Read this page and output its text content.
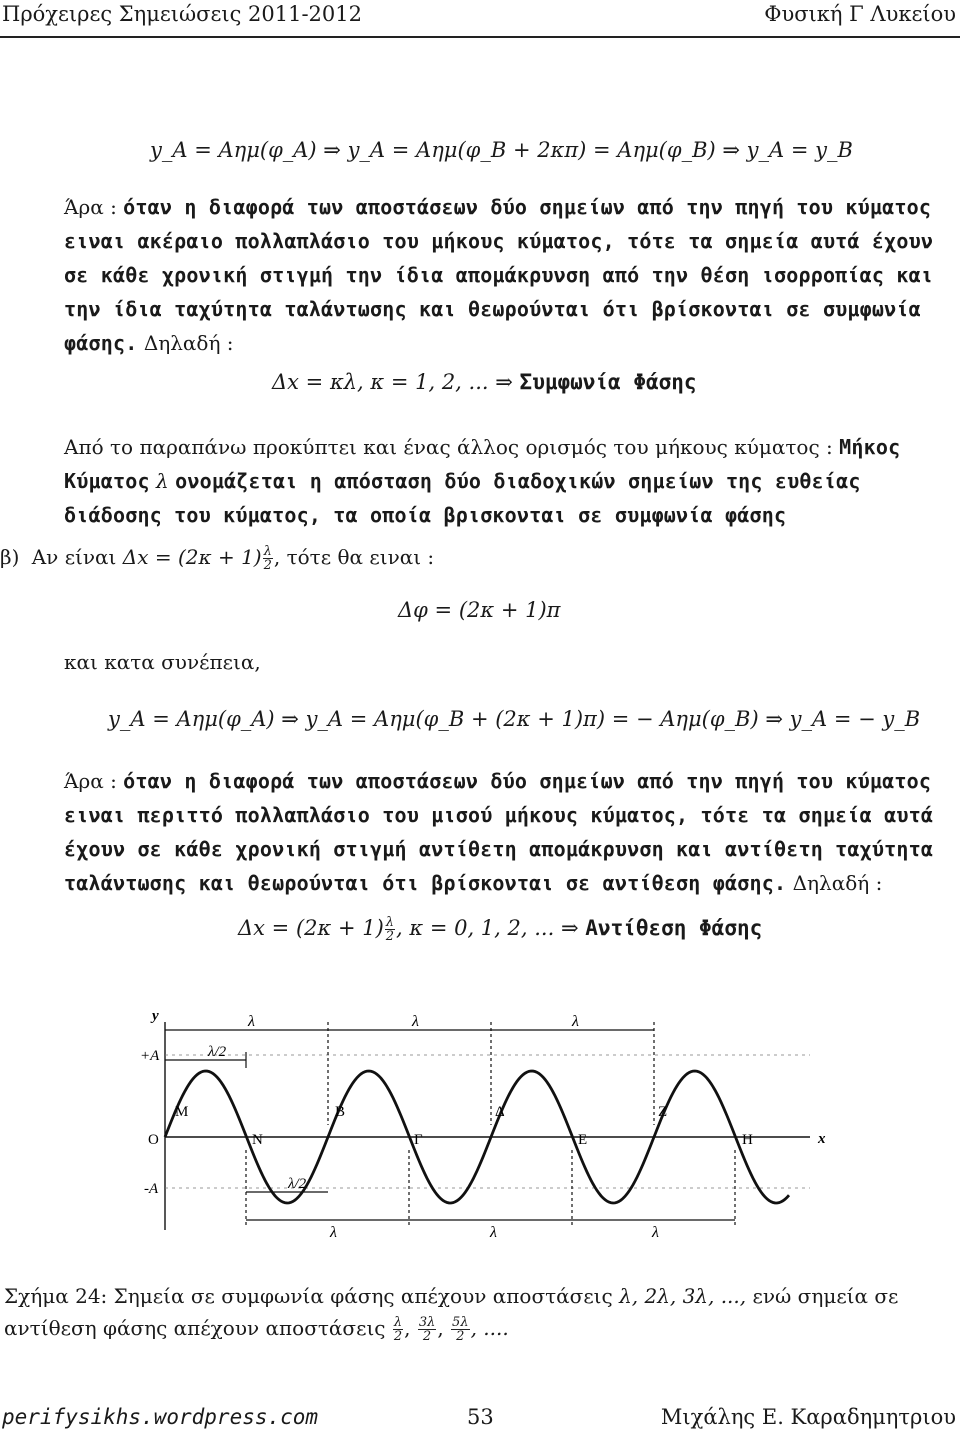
Πρόχειρες Σημειώσεις 2011-2012	Φυσική Γ Λυκείου
y_A = Αημ(φ_A) ⇒ y_A = Αημ(φ_B + 2κπ) = Αημ(φ_B) ⇒ y_A = y_B
Άρα : όταν η διαφορά των αποστάσεων δύο σημείων από την πηγή του κύματος ειναι ακέραιο πολλαπλάσιο του μήκους κύματος, τότε τα σημεία αυτά έχουν σε κάθε χρονική στιγμή την ίδια απομάκρυνση από την θέση ισορροπίας και την ίδια ταχύτητα ταλάντωσης και θεωρούνται ότι βρίσκονται σε συμφωνία φάσης. Δηλαδή :
Δx = κλ, κ = 1, 2, ... ⇒ Συμφωνία Φάσης
Από το παραπάνω προκύπτει και ένας άλλος ορισμός του μήκους κύματος : Μήκος Κύματος λ ονομάζεται η απόσταση δύο διαδοχικών σημείων της ευθείας διάδοσης του κύματος, τα οποία βρισκονται σε συμφωνία φάσης
β) Αν είναι $\Delta x = (2\kappa + 1) \frac{\lambda}{2}$ , τότε θα ειναι :
Δφ = (2κ + 1)π
και κατα συνέπεια,
y_A = Αημ(φ_A) ⇒ y_A = Αημ(φ_B + (2κ + 1)π) = − Αημ(φ_B) ⇒ y_A = − y_B
Άρα : όταν η διαφορά των αποστάσεων δύο σημείων από την πηγή του κύματος ειναι περιττό πολλαπλάσιο του μισού μήκους κύματος, τότε τα σημεία αυτά έχουν σε κάθε χρονική στιγμή αντίθετη απομάκρυνση και αντίθετη ταχύτητα ταλάντωσης και θεωρούνται ότι βρίσκονται σε αντίθεση φάσης. Δηλαδή :
$\Delta x = (2\kappa + 1) \frac{\lambda}{2}$ , κ = 0, 1, 2, ... ⇒ Αντίθεση Φάσης
y
x
+A
-A
O
λ	λ	λ
λ/2
λ/2
λ	λ	λ
M	B	Δ	Z
N	Γ	E	H
Σχήμα 24: Σημεία σε συμφωνία φάσης απέχουν αποστάσεις λ, 2λ, 3λ, ..., ενώ σημεία σε αντίθεση φάσης απέχουν αποστάσεις $\frac{\lambda}{2}$ , $\frac{3\lambda}{2}$ , $\frac{5\lambda}{2}$ , ....
perifysikhs.wordpress.com	53	Μιχάλης Ε. Καραδημητριου
